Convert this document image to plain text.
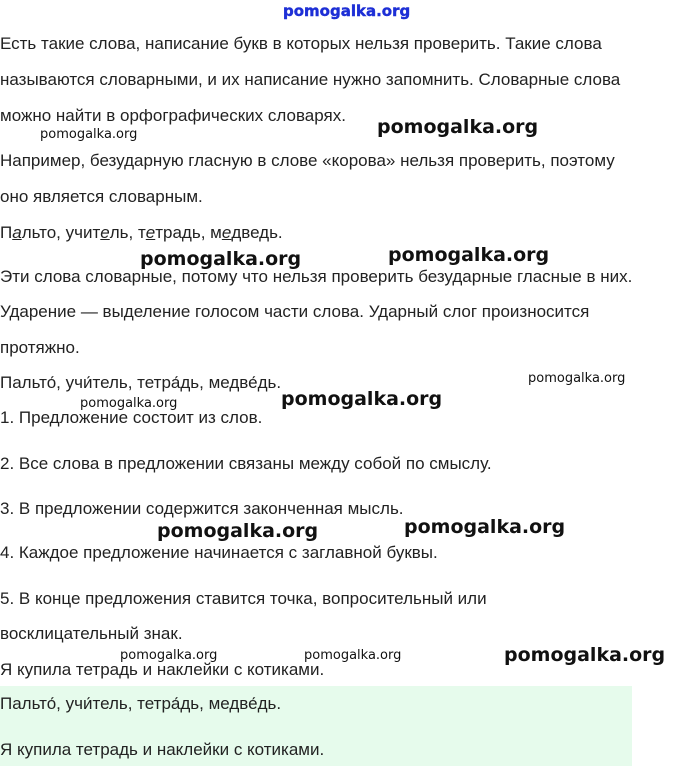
pomogalka.org
Есть такие слова, написание букв в которых нельзя проверить. Такие слова
называются словарными, и их написание нужно запомнить. Словарные слова
можно найти в орфографических словарях.
pomogalka.org	pomogalka.org
Например, безударную гласную в слове «корова» нельзя проверить, поэтому
оно является словарным.
Пальто, учитель, тетрадь, медведь.
pomogalka.org	pomogalka.org
Эти слова словарные, потому что нельзя проверить безударные гласные в них.
Ударение — выделение голосом части слова. Ударный слог произносится
протяжно.
Пальто́, учи́тель, тетра́дь, медве́дь.	pomogalka.org
pomogalka.org	pomogalka.org
1. Предложение состоит из слов.
2. Все слова в предложении связаны между собой по смыслу.
3. В предложении содержится законченная мысль.
pomogalka.org	pomogalka.org
4. Каждое предложение начинается с заглавной буквы.
5. В конце предложения ставится точка, вопросительный или
восклицательный знак.
pomogalka.org	pomogalka.org	pomogalka.org
Я купила тетрадь и наклейки с котиками.
Пальто́, учи́тель, тетра́дь, медве́дь.
Я купила тетрадь и наклейки с котиками.
